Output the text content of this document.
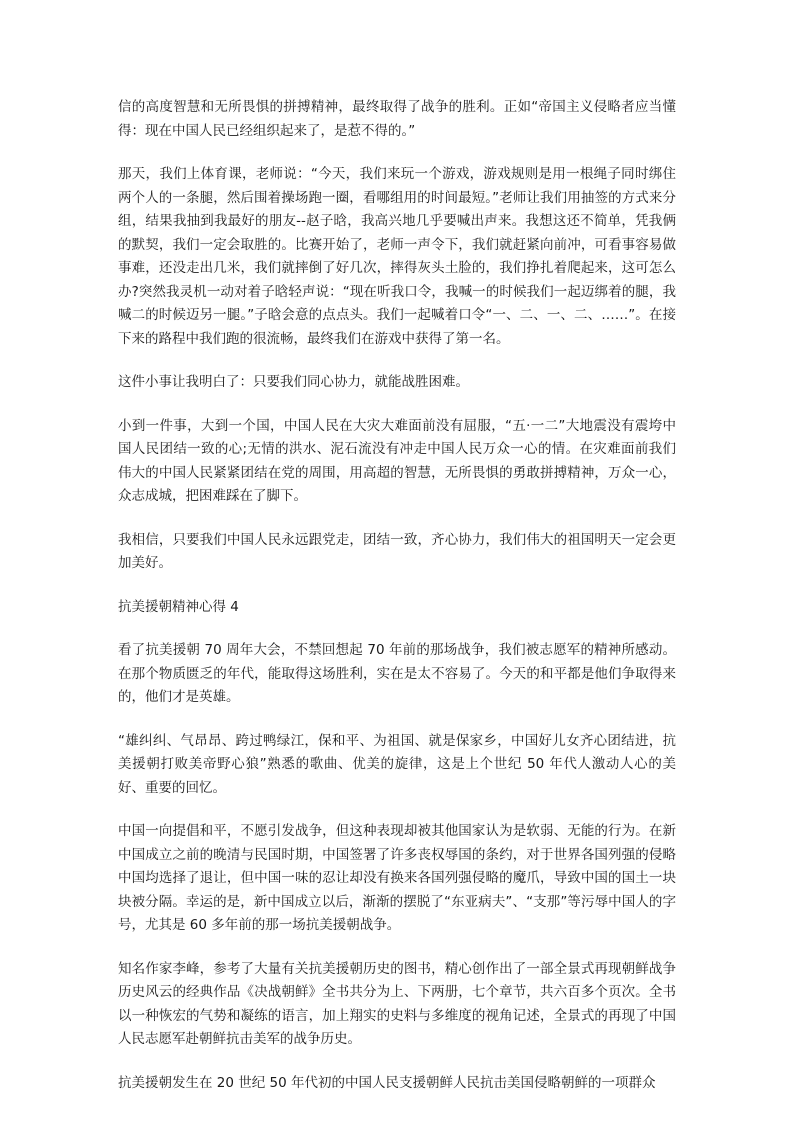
信的高度智慧和无所畏惧的拼搏精神，最终取得了战争的胜利。正如“帝国主义侵略者应当懂得：现在中国人民已经组织起来了，是惹不得的。”

那天，我们上体育课，老师说：“今天，我们来玩一个游戏，游戏规则是用一根绳子同时绑住两个人的一条腿，然后围着操场跑一圈，看哪组用的时间最短。”老师让我们用抽签的方式来分组，结果我抽到我最好的朋友--赵子晗，我高兴地几乎要喊出声来。我想这还不简单，凭我俩的默契，我们一定会取胜的。比赛开始了，老师一声令下，我们就赶紧向前冲，可看事容易做事难，还没走出几米，我们就摔倒了好几次，摔得灰头土脸的，我们挣扎着爬起来，这可怎么办?突然我灵机一动对着子晗轻声说：“现在听我口令，我喊一的时候我们一起迈绑着的腿，我喊二的时候迈另一腿。”子晗会意的点点头。我们一起喊着口令“一、二、一、二、……”。在接下来的路程中我们跑的很流畅，最终我们在游戏中获得了第一名。

这件小事让我明白了：只要我们同心协力，就能战胜困难。

小到一件事，大到一个国，中国人民在大灾大难面前没有屈服，“五·一二”大地震没有震垮中国人民团结一致的心;无情的洪水、泥石流没有冲走中国人民万众一心的情。在灾难面前我们伟大的中国人民紧紧团结在党的周围，用高超的智慧，无所畏惧的勇敢拼搏精神，万众一心，众志成城，把困难踩在了脚下。

我相信，只要我们中国人民永远跟党走，团结一致，齐心协力，我们伟大的祖国明天一定会更加美好。

抗美援朝精神心得 4

看了抗美援朝 70 周年大会，不禁回想起 70 年前的那场战争，我们被志愿军的精神所感动。在那个物质匮乏的年代，能取得这场胜利，实在是太不容易了。今天的和平都是他们争取得来的，他们才是英雄。

“雄纠纠、气昂昂、跨过鸭绿江，保和平、为祖国、就是保家乡，中国好儿女齐心团结进，抗美援朝打败美帝野心狼”熟悉的歌曲、优美的旋律，这是上个世纪 50 年代人激动人心的美好、重要的回忆。

中国一向提倡和平，不愿引发战争，但这种表现却被其他国家认为是软弱、无能的行为。在新中国成立之前的晚清与民国时期，中国签署了许多丧权辱国的条约，对于世界各国列强的侵略中国均选择了退让，但中国一味的忍让却没有换来各国列强侵略的魔爪，导致中国的国土一块块被分隔。幸运的是，新中国成立以后，渐渐的摆脱了“东亚病夫”、“支那”等污辱中国人的字号，尤其是 60 多年前的那一场抗美援朝战争。

知名作家李峰，参考了大量有关抗美援朝历史的图书，精心创作出了一部全景式再现朝鲜战争历史风云的经典作品《决战朝鲜》全书共分为上、下两册，七个章节，共六百多个页次。全书以一种恢宏的气势和凝练的语言，加上翔实的史料与多维度的视角记述，全景式的再现了中国人民志愿军赴朝鲜抗击美军的战争历史。

抗美援朝发生在 20 世纪 50 年代初的中国人民支援朝鲜人民抗击美国侵略朝鲜的一项群众
